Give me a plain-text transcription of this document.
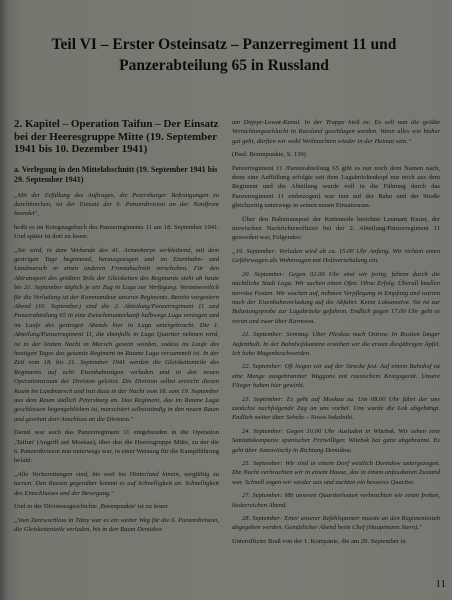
Teil VI – Erster Osteinsatz – Panzerregiment 11 und
Panzerabteilung 65 in Russland
2. Kapitel – Operation Taifun – Der Einsatz bei der Heeresgruppe Mitte (19. September 1941 bis 10. Dezember 1941)
a. Verlegung in den Mittelabschnitt (19. September 1941 bis 29. September 1941)

„Mit der Erfüllung des Auftrages, die Petersburger Befestigungen zu durchbrechen, ist der Einsatz der 6. Panzerdivision an der Nordfront beendet",

heißt es im Kriegstagebuch des Panzerregiments 11 am 18. September 1941. Und später ist dort zu lesen:

„Sie wird, in dem Verbande des 41. Armeekorps verbleibend, mit dem gestrigen Tage beginnend, herausgezogen und im Eisenbahn- und Landmarsch in einen anderen Frontabschnitt verschoben. Für den Abtransport des größten Teils der Gleisketten des Regiments steht ab heute bis 21. September täglich je ein Zug in Luga zur Verfügung. Verantwortlich für die Verladung ist der Kommandeur unseres Regiments. Bereits vorgestern Abend (16. September) sind die 2. Abteilung/Panzerregiment 11 und Panzerabteilung 65 in eine Zwischenunterkunft halbwegs Luga verzogen und im Laufe des gestrigen Abends hier in Luga untergebracht. Die 1. Abteilung/Panzerregiment 11, die ebenfalls in Luga Quartier nehmen wird, ist in der letzten Nacht in Marsch gesetzt worden, sodass im Laufe des heutigen Tages das gesamte Regiment im Raume Luga versammelt ist. In der Zeit vom 18. bis 21. September 1941 werden die Gleiskettenteile des Regiments auf acht Eisenbahnzügen verladen und in den neuen Operationsraum der Division geleitet. Die Division selbst erreicht diesen Raum im Landmarsch und trat dazu in der Nacht vom 18. zum 19. September aus dem Raum südlich Petersburg an. Das Regiment, das im Raume Luga geschlossen liegengeblieben ist, marschiert selbstständig in den neuen Raum und gewinnt dort Anschluss an die Division."

Damit war auch das Panzerregiment 11 eingebunden in die Operation ‚Taifun' (Angriff auf Moskau), über den die Heeresgruppe Mitte, zu der die 6. Panzerdivision nun unterwegs war, in einer Weisung für die Kampfführung befahl:

„Alle Vorbereitungen sind, bis weit ins Hinterland hinein, sorgfältig zu tarnen. Den Russen gegenüber kommt es auf Schnelligkeit an. Schnelligkeit des Entschlusses und der Bewegung."

Und in der Divisionsgeschichte ‚Brennpunkte' ist zu lesen:

„Vom Zarewschloss in Tätzy war es ein weiter Weg für die 6. Panzerdivision, die Gleiskettenteile verladen, bis in den Raum Demidow

am Dnjepr-Lowat-Kanal. In der Truppe hieß es: Es soll nun die größte Vernichtungsschlacht in Russland geschlagen werden. Wenn alles wie bisher gut geht, dürften wir wohl Weihnachten wieder in der Heimat sein."

(Paul: Brennpunkte, S. 139)

Panzerregiment 11 /Panzerabteilung 65 gibt es nur noch dem Namen nach, denn eine Auffüllung erfolgte seit dem Lugabrückenkopf nur noch aus dem Regiment und die Abteilung wurde voll in die Führung durch das Panzerregiment 11 einbezogen) war nun auf der Bahn und der Straße gleichzeitig unterwegs in seinen neuen Einsatzraum.

Über den Bahntransport der Kettenteile berichtet Leutnant Knust, der inzwischen Nachrichtenoffizier bei der 2. Abteilung/Panzerregiment 11 geworden war, Folgendes:

„19. September: Verladen wird ab ca. 15.00 Uhr Anfang. Wir richten einen Gefährwagen als Wohnwagen mit Holzverschalung ein.

20. September: Gegen 02.00 Uhr sind wir fertig, fahren durch die nächtliche Stadt Luga. Wir suchen einen Ofen. Ohne Erfolg. Überall knallen nervöse Posten. Wir wachen auf, nehmen Verpflegung in Empfang und warten nach der Eisenbahnverladung auf die Abfahrt. Keine Lokomotive. Sie ist zur Belastungsprobe zur Lugabrücke gefahren. Endlich gegen 17.00 Uhr geht es voran und zwar über Karnowa.

21. September: Sonntag. Über Pleskau nach Ostrow. In Rositen langer Aufenthalt. In der Bahnhofskantine erstehen wir die ersten diesjährigen Äpfel. Ich habe Magenbeschwerden.

22. September: Oft liegen wir auf der Strecke fest. Auf einem Bahnhof ist eine Menge ausgebrannter Waggons mit russischem Kriegsgerät. Unsere Flieger haben hier gewirkt.

23. September: Es geht auf Moskau zu. Um 08.00 Uhr fährt der uns zunächst nachfolgende Zug an uns vorbei. Uns wurde die Lok abgehängt. Endlich weiter über Sebeže – Nowo Sokolniki.

24. September: Gegen 10.00 Uhr Ausladen in Witebsk. Wir sehen eine Sanitätskompanie spanischer Freiwilliger. Witebsk hat ganz abgebrannt. Es geht über Janowitschy in Richtung Demidow.

25. September: Wir sind in einem Dorf westlich Demidow untergezogen. Die Nacht verbrachten wir in einem Hause, das in einem unfassbaren Zustand war. Schnell zogen wir wieder aus und suchten ein besseres Quartier.

27. September: Mit unseren Quartierleuten verbrachten wir einen frohen, liederreichen Abend.

28. September: Einer unserer Befehlspanzer musste an den Regimentsstab abgegeben werden. Gemütlicher Abend beim Chef (Hauptmann Stern)."

Unteroffizier Braß von der 1. Kompanie, die am 29. September in

11
